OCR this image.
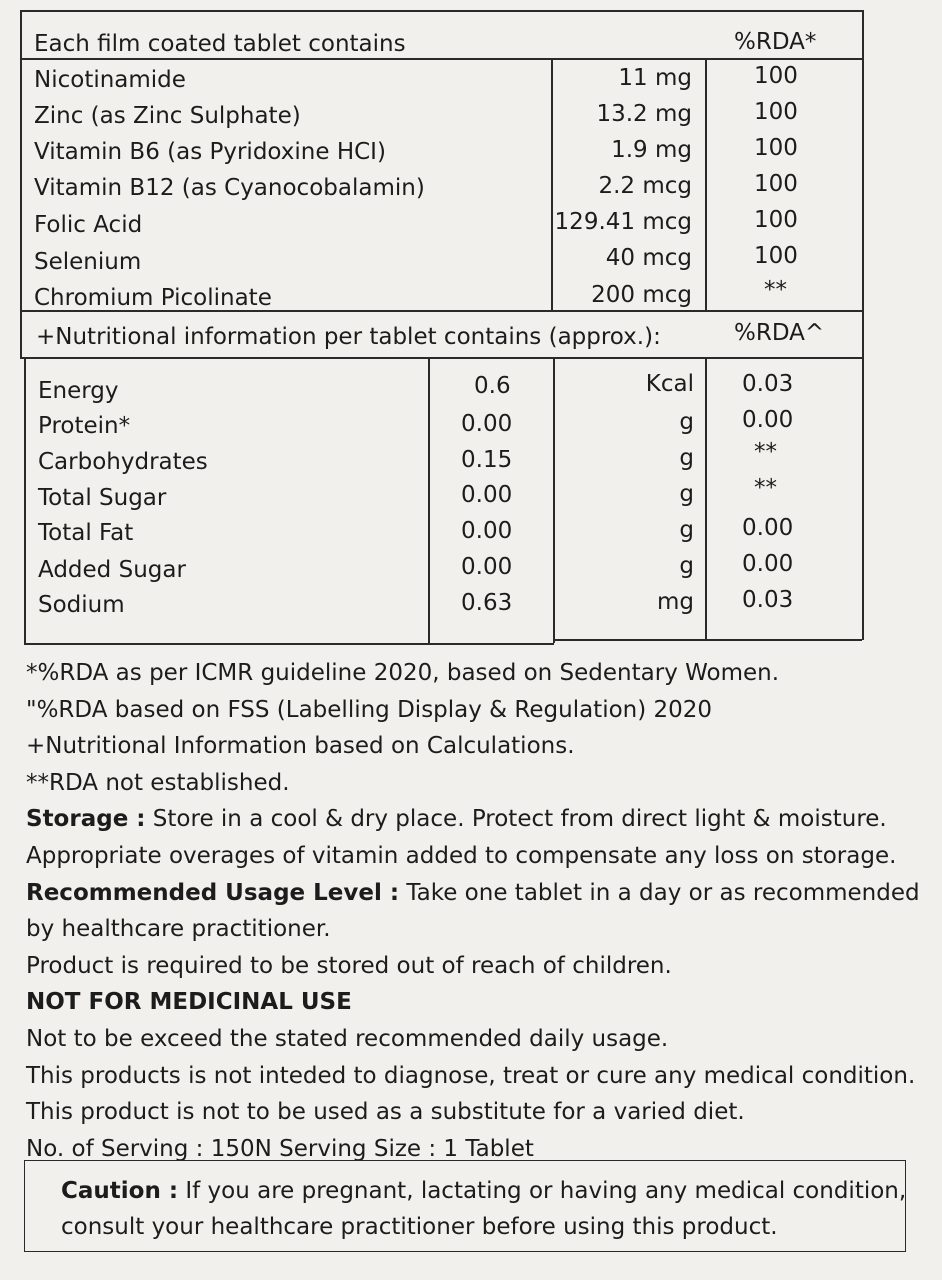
Each film coated tablet contains	%RDA*
Nicotinamide	11 mg	100
Zinc (as Zinc Sulphate)	13.2 mg	100
Vitamin B6 (as Pyridoxine HCI)	1.9 mg	100
Vitamin B12 (as Cyanocobalamin)	2.2 mcg	100
Folic Acid	129.41 mcg	100
Selenium	40 mcg	100
Chromium Picolinate	200 mcg	**
+Nutritional information per tablet contains (approx.):	%RDA^
Energy	0.6	Kcal 0.03
Protein*	0.00	g 0.00
Carbohydrates	0.15	g	**
Total Sugar	0.00	g	**
Total Fat	0.00	g 0.00
Added Sugar	0.00	g 0.00
Sodium	0.63	mg 0.03
*%RDA as per ICMR guideline 2020, based on Sedentary Women.
"%RDA based on FSS (Labelling Display & Regulation) 2020
+Nutritional Information based on Calculations.
**RDA not established.
Storage : Store in a cool & dry place. Protect from direct light & moisture.
Appropriate overages of vitamin added to compensate any loss on storage.
Recommended Usage Level : Take one tablet in a day or as recommended
by healthcare practitioner.
Product is required to be stored out of reach of children.
NOT FOR MEDICINAL USE
Not to be exceed the stated recommended daily usage.
This products is not inteded to diagnose, treat or cure any medical condition.
This product is not to be used as a substitute for a varied diet.
No. of Serving : 150N Serving Size : 1 Tablet
Caution : If you are pregnant, lactating or having any medical condition,
consult your healthcare practitioner before using this product.
